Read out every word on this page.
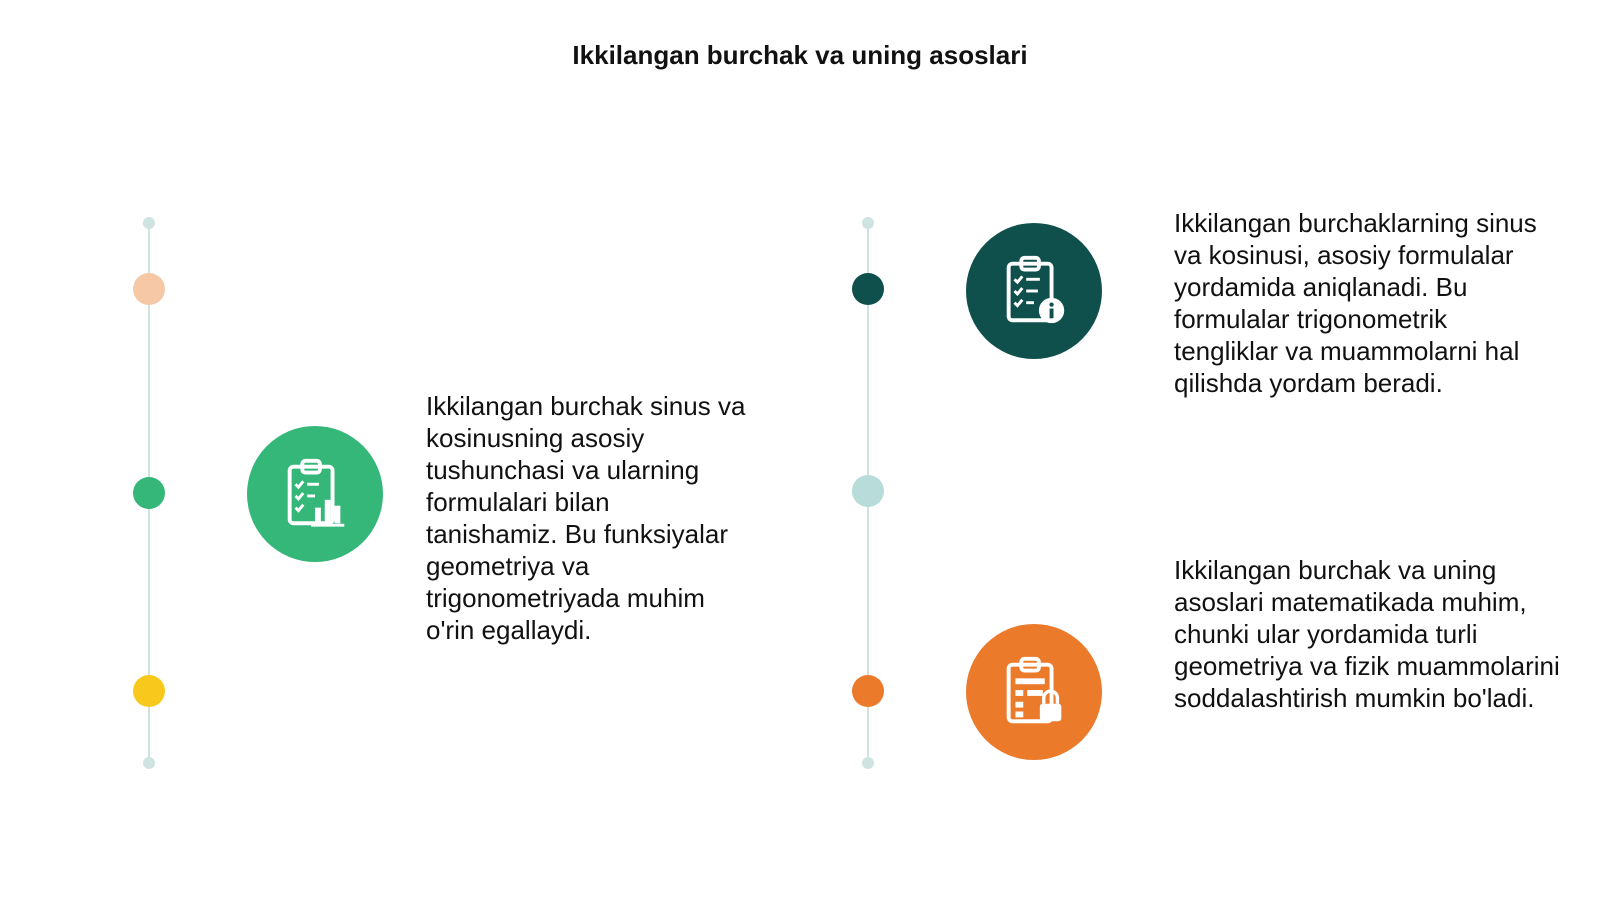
Ikkilangan burchak va uning asoslari
Ikkilangan burchak sinus va kosinusning asosiy tushunchasi va ularning formulalari bilan tanishamiz. Bu funksiyalar geometriya va trigonometriyada muhim o'rin egallaydi.
Ikkilangan burchaklarning sinus va kosinusi, asosiy formulalar yordamida aniqlanadi. Bu formulalar trigonometrik tengliklar va muammolarni hal qilishda yordam beradi.
Ikkilangan burchak va uning asoslari matematikada muhim, chunki ular yordamida turli geometriya va fizik muammolarini soddalashtirish mumkin bo'ladi.
